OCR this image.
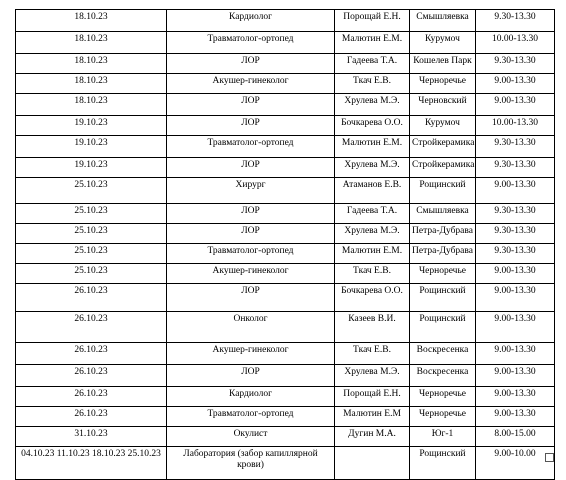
18.10.23	Кардиолог	Порощай Е.Н.	Смышляевка	9.30-13.30
18.10.23	Травматолог-ортопед	Малютин Е.М.	Курумоч	10.00-13.30
18.10.23	ЛОР	Гадеева Т.А.	Кошелев Парк	9.30-13.30
18.10.23	Акушер-гинеколог	Ткач Е.В.	Черноречье	9.00-13.30
18.10.23	ЛОР	Хрулева М.Э.	Черновский	9.00-13.30
19.10.23	ЛОР	Бочкарева О.О.	Курумоч	10.00-13.30
19.10.23	Травматолог-ортопед	Малютин Е.М.	Стройкерамика	9.30-13.30
19.10.23	ЛОР	Хрулева М.Э.	Стройкерамика	9.30-13.30
25.10.23	Хирург	Атаманов Е.В.	Рощинский	9.00-13.30
25.10.23	ЛОР	Гадеева Т.А.	Смышляевка	9.30-13.30
25.10.23	ЛОР	Хрулева М.Э.	Петра-Дубрава	9.30-13.30
25.10.23	Травматолог-ортопед	Малютин Е.М.	Петра-Дубрава	9.30-13.30
25.10.23	Акушер-гинеколог	Ткач Е.В.	Черноречье	9.00-13.30
26.10.23	ЛОР	Бочкарева О.О.	Рощинский	9.00-13.30
26.10.23	Онколог	Казеев В.И.	Рощинский	9.00-13.30
26.10.23	Акушер-гинеколог	Ткач Е.В.	Воскресенка	9.00-13.30
26.10.23	ЛОР	Хрулева М.Э.	Воскресенка	9.00-13.30
26.10.23	Кардиолог	Порощай Е.Н.	Черноречье	9.00-13.30
26.10.23	Травматолог-ортопед	Малютин Е.М	Черноречье	9.00-13.30
31.10.23	Окулист	Дугин М.А.	Юг-1	8.00-15.00
04.10.23 11.10.23 18.10.23 25.10.23	Лаборатория (забор капиллярной крови)		Рощинский	9.00-10.00
